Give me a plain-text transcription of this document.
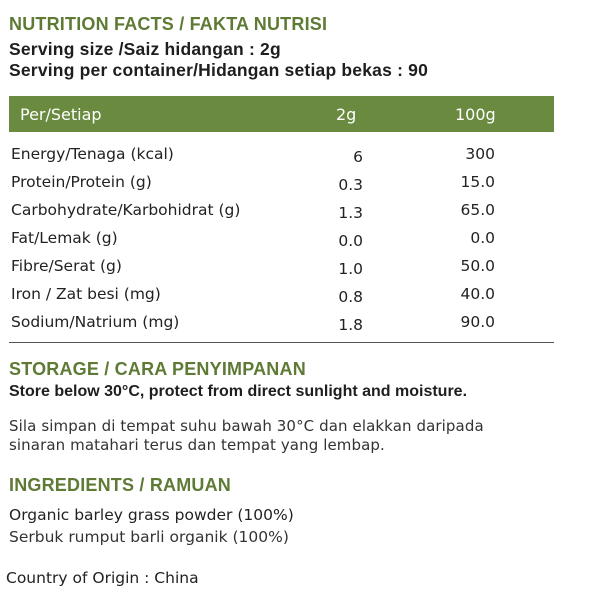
NUTRITION FACTS / FAKTA NUTRISI
Serving size /Saiz hidangan : 2g
Serving per container/Hidangan setiap bekas : 90
Per/Setiap	2g	100g
Energy/Tenaga (kcal)	6	300
Protein/Protein (g)	0.3	15.0
Carbohydrate/Karbohidrat (g)	1.3	65.0
Fat/Lemak (g)	0.0	0.0
Fibre/Serat (g)	1.0	50.0
Iron / Zat besi (mg)	0.8	40.0
Sodium/Natrium (mg)	1.8	90.0
STORAGE / CARA PENYIMPANAN
Store below 30°C, protect from direct sunlight and moisture.
Sila simpan di tempat suhu bawah 30°C dan elakkan daripada
sinaran matahari terus dan tempat yang lembap.
INGREDIENTS / RAMUAN
Organic barley grass powder (100%)
Serbuk rumput barli organik (100%)
Country of Origin : China
